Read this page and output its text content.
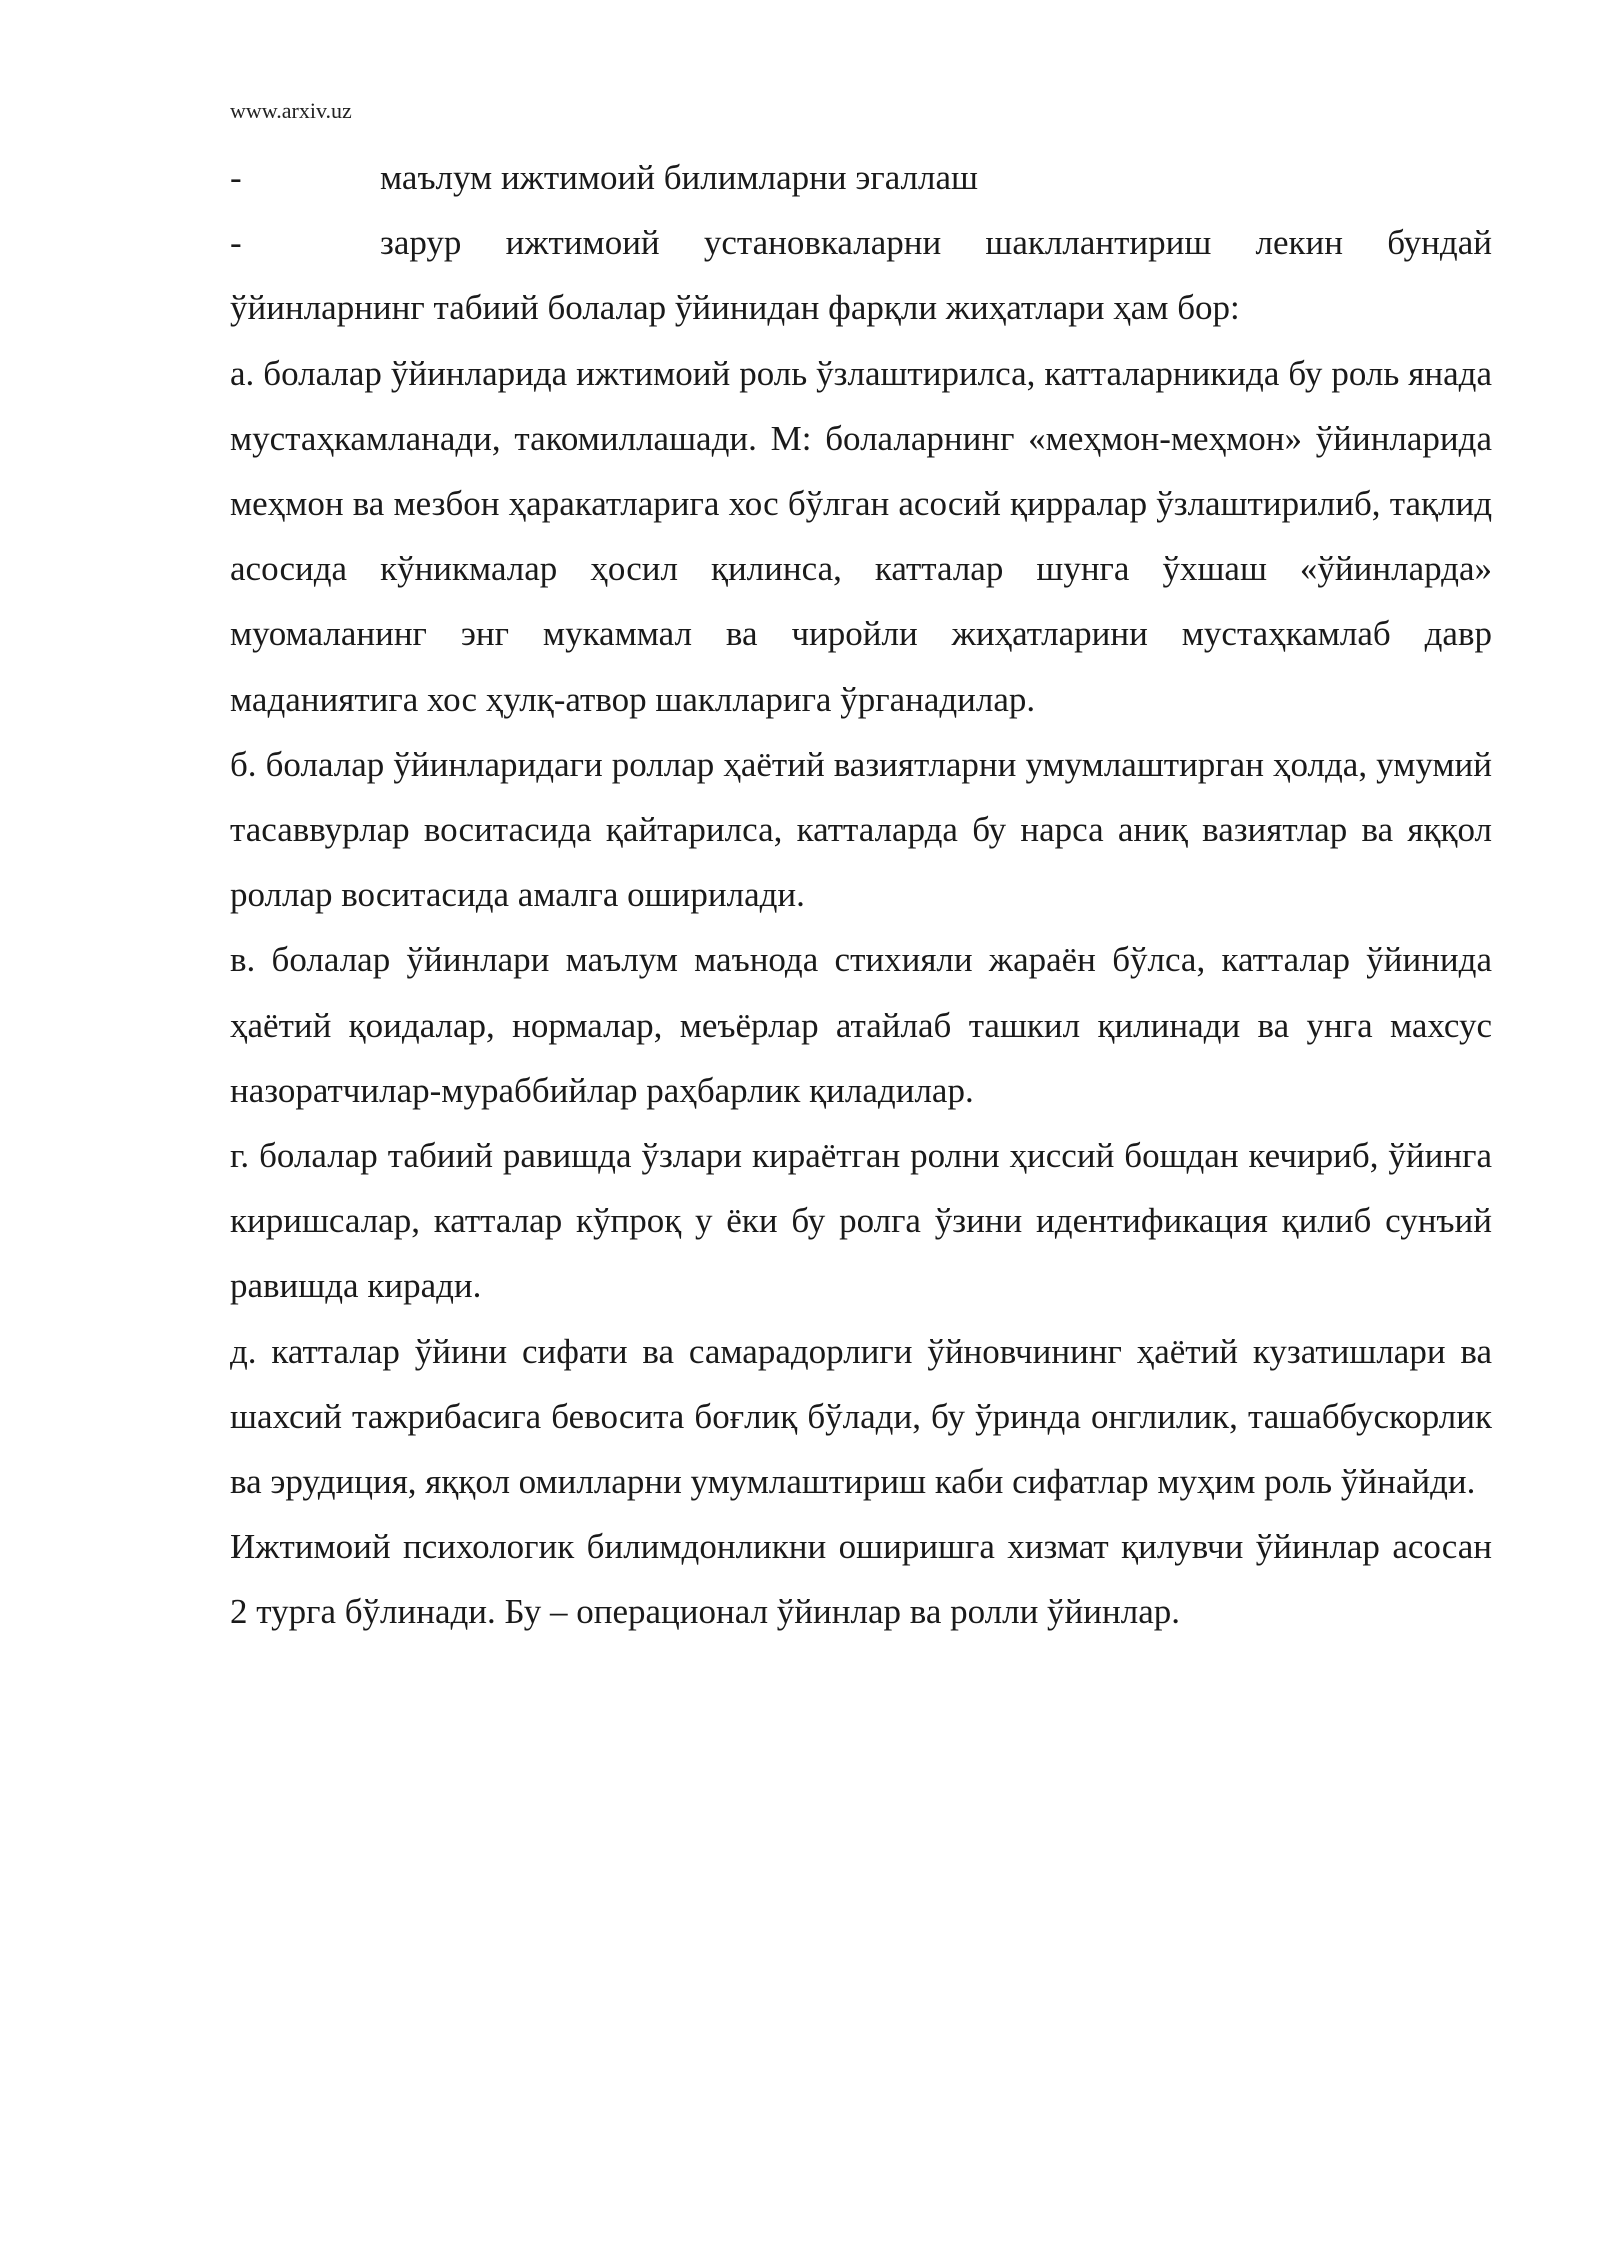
www.arxiv.uz
-	маълум ижтимоий билимларни эгаллаш
-	зарур ижтимоий установкаларни шакллантириш лекин бундай

ўйинларнинг табиий болалар ўйинидан фарқли жиҳатлари ҳам бор:

а. болалар ўйинларида ижтимоий роль ўзлаштирилса, катталарникида бу роль янада мустаҳкамланади, такомиллашади. М: болаларнинг «меҳмон-меҳмон» ўйинларида меҳмон ва мезбон ҳаракатларига хос бўлган асосий қирралар ўзлаштирилиб, тақлид асосида кўникмалар ҳосил қилинса, катталар шунга ўхшаш «ўйинларда» муомаланинг энг мукаммал ва чиройли жиҳатларини мустаҳкамлаб давр маданиятига хос ҳулқ-атвор шаклларига ўрганадилар.

б. болалар ўйинларидаги роллар ҳаётий вазиятларни умумлаштирган ҳолда, умумий тасаввурлар воситасида қайтарилса, катталарда бу нарса аниқ вазиятлар ва яққол роллар воситасида амалга оширилади.

в. болалар ўйинлари маълум маънода стихияли жараён бўлса, катталар ўйинида ҳаётий қоидалар, нормалар, меъёрлар атайлаб ташкил қилинади ва унга махсус назоратчилар-мураббийлар раҳбарлик қиладилар.

г. болалар табиий равишда ўзлари кираётган ролни ҳиссий бошдан кечириб, ўйинга киришсалар, катталар кўпроқ у ёки бу ролга ўзини идентификация қилиб сунъий равишда киради.

д. катталар ўйини сифати ва самарадорлиги ўйновчининг ҳаётий кузатишлари ва шахсий тажрибасига бевосита боғлиқ бўлади, бу ўринда онглилик, ташаббускорлик ва эрудиция, яққол омилларни умумлаштириш каби сифатлар муҳим роль ўйнайди.

Ижтимоий психологик билимдонликни оширишга хизмат қилувчи ўйинлар асосан 2 турга бўлинади. Бу – операционал ўйинлар ва ролли ўйинлар.
